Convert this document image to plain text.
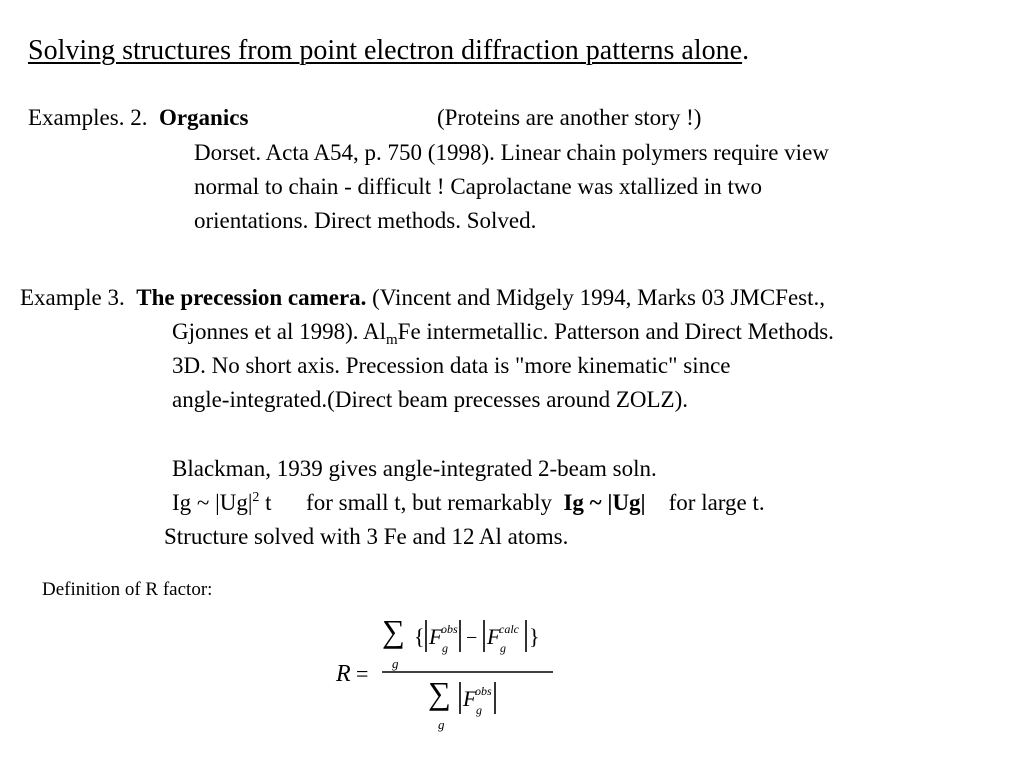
Solving structures from point electron diffraction patterns alone.
Examples. 2. Organics	(Proteins are another story !)
Dorset. Acta A54, p. 750 (1998). Linear chain polymers require view
normal to chain - difficult ! Caprolactane was xtallized in two
orientations. Direct methods. Solved.
Example 3. The precession camera. (Vincent and Midgely 1994, Marks 03 JMCFest.,
Gjonnes et al 1998). $Al_mFe$ intermetallic. Patterson and Direct Methods.
3D. No short axis. Precession data is "more kinematic" since
angle-integrated.(Direct beam precesses around ZOLZ).
Blackman, 1939 gives angle-integrated 2-beam soln.
Ig ~ $|Ug|^2$ t      for small t, but remarkably  Ig ~ |Ug|    for large t.
Structure solved with 3 Fe and 12 Al atoms.
Definition of R factor:
R =
∑
g
{ F
obs
g − F
calc
g }
∑
g
F
obs
g
